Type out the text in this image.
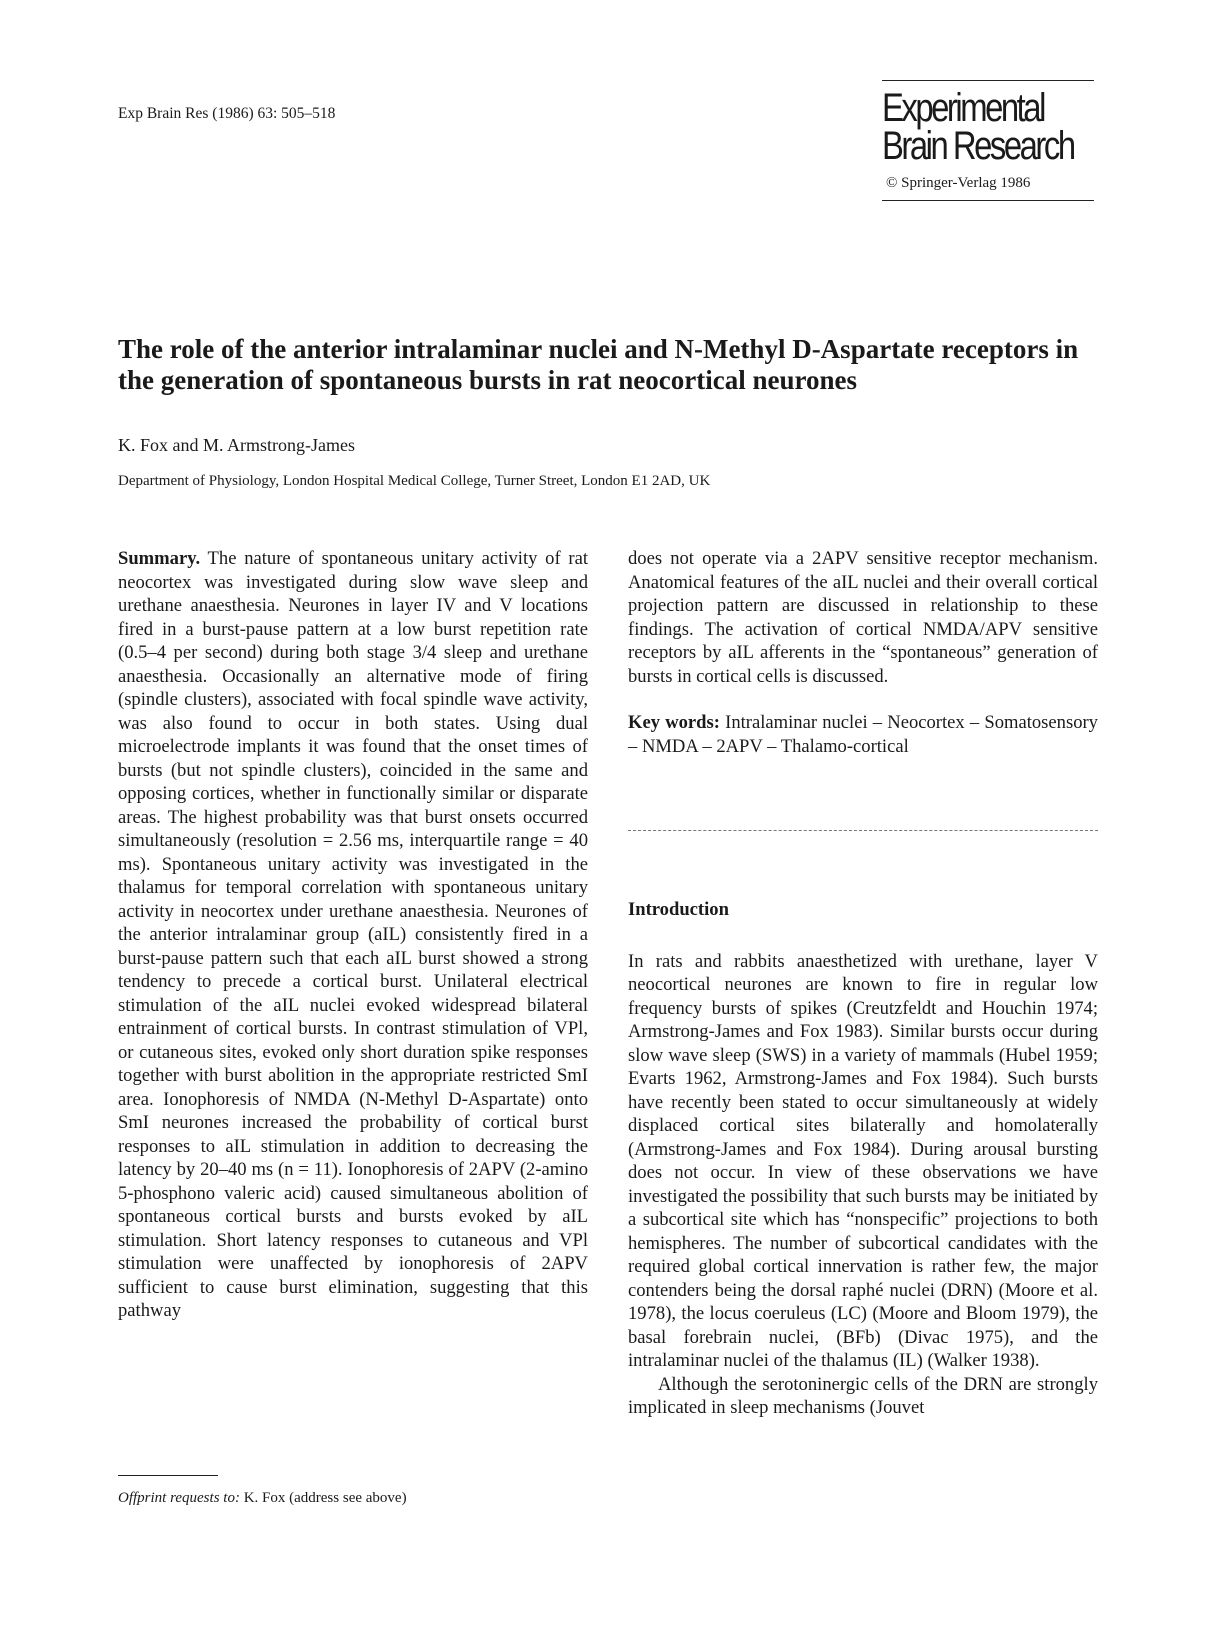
Exp Brain Res (1986) 63: 505–518	Experimental
Brain Research
© Springer-Verlag 1986
The role of the anterior intralaminar nuclei and N-Methyl D-Aspartate receptors in the generation of spontaneous bursts in rat neocortical neurones
K. Fox and M. Armstrong-James
Department of Physiology, London Hospital Medical College, Turner Street, London E1 2AD, UK

Summary. The nature of spontaneous unitary activity of rat neocortex was investigated during slow wave sleep and urethane anaesthesia. Neurones in layer IV and V locations fired in a burst-pause pattern at a low burst repetition rate (0.5–4 per second) during both stage 3/4 sleep and urethane anaesthesia. Occasionally an alternative mode of firing (spindle clusters), associated with focal spindle wave activity, was also found to occur in both states. Using dual microelectrode implants it was found that the onset times of bursts (but not spindle clusters), coincided in the same and opposing cortices, whether in functionally similar or disparate areas. The highest probability was that burst onsets occurred simultaneously (resolution = 2.56 ms, interquartile range = 40 ms). Spontaneous unitary activity was investigated in the thalamus for temporal correlation with spontaneous unitary activity in neocortex under urethane anaesthesia. Neurones of the anterior intralaminar group (aIL) consistently fired in a burst-pause pattern such that each aIL burst showed a strong tendency to precede a cortical burst. Unilateral electrical stimulation of the aIL nuclei evoked widespread bilateral entrainment of cortical bursts. In contrast stimulation of VPl, or cutaneous sites, evoked only short duration spike responses together with burst abolition in the appropriate restricted SmI area. Ionophoresis of NMDA (N-Methyl D-Aspartate) onto SmI neurones increased the probability of cortical burst responses to aIL stimulation in addition to decreasing the latency by 20–40 ms (n = 11). Ionophoresis of 2APV (2-amino 5-phosphono valeric acid) caused simultaneous abolition of spontaneous cortical bursts and bursts evoked by aIL stimulation. Short latency responses to cutaneous and VPl stimulation were unaffected by ionophoresis of 2APV sufficient to cause burst elimination, suggesting that this pathway

does not operate via a 2APV sensitive receptor mechanism. Anatomical features of the aIL nuclei and their overall cortical projection pattern are discussed in relationship to these findings. The activation of cortical NMDA/APV sensitive receptors by aIL afferents in the “spontaneous” generation of bursts in cortical cells is discussed.

Key words: Intralaminar nuclei – Neocortex – Somatosensory – NMDA – 2APV – Thalamo-cortical

Introduction

In rats and rabbits anaesthetized with urethane, layer V neocortical neurones are known to fire in regular low frequency bursts of spikes (Creutzfeldt and Houchin 1974; Armstrong-James and Fox 1983). Similar bursts occur during slow wave sleep (SWS) in a variety of mammals (Hubel 1959; Evarts 1962, Armstrong-James and Fox 1984). Such bursts have recently been stated to occur simultaneously at widely displaced cortical sites bilaterally and homolaterally (Armstrong-James and Fox 1984). During arousal bursting does not occur. In view of these observations we have investigated the possibility that such bursts may be initiated by a subcortical site which has “nonspecific” projections to both hemispheres. The number of subcortical candidates with the required global cortical innervation is rather few, the major contenders being the dorsal raphé nuclei (DRN) (Moore et al. 1978), the locus coeruleus (LC) (Moore and Bloom 1979), the basal forebrain nuclei, (BFb) (Divac 1975), and the intralaminar nuclei of the thalamus (IL) (Walker 1938).

Although the serotoninergic cells of the DRN are strongly implicated in sleep mechanisms (Jouvet

Offprint requests to: K. Fox (address see above)
